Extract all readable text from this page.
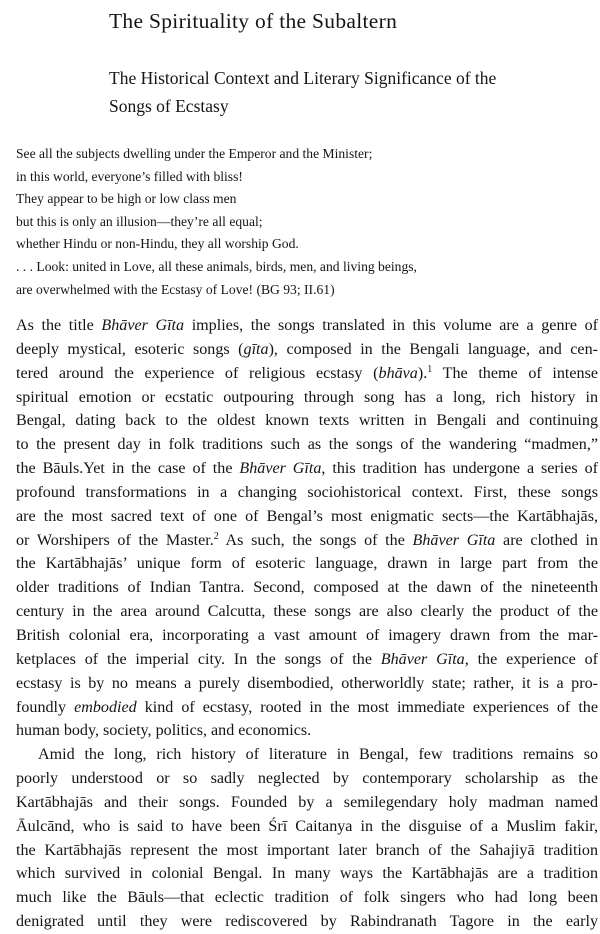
The Spirituality of the Subaltern
The Historical Context and Literary Significance of the
Songs of Ecstasy
See all the subjects dwelling under the Emperor and the Minister;
in this world, everyone’s filled with bliss!
They appear to be high or low class men
but this is only an illusion—they’re all equal;
whether Hindu or non-Hindu, they all worship God.
. . . Look: united in Love, all these animals, birds, men, and living beings,
are overwhelmed with the Ecstasy of Love! (BG 93; II.61)
As the title Bhāver Gīta implies, the songs translated in this volume are a genre of
deeply mystical, esoteric songs (gīta), composed in the Bengali language, and cen-
tered around the experience of religious ecstasy (bhāva).$^1$ The theme of intense
spiritual emotion or ecstatic outpouring through song has a long, rich history in
Bengal, dating back to the oldest known texts written in Bengali and continuing
to the present day in folk traditions such as the songs of the wandering “madmen,”
the Bāuls.Yet in the case of the Bhāver Gīta, this tradition has undergone a series of
profound transformations in a changing sociohistorical context. First, these songs
are the most sacred text of one of Bengal’s most enigmatic sects—the Kartābhajās,
or Worshipers of the Master.$^2$ As such, the songs of the Bhāver Gīta are clothed in
the Kartābhajās’ unique form of esoteric language, drawn in large part from the
older traditions of Indian Tantra. Second, composed at the dawn of the nineteenth
century in the area around Calcutta, these songs are also clearly the product of the
British colonial era, incorporating a vast amount of imagery drawn from the mar-
ketplaces of the imperial city. In the songs of the Bhāver Gīta, the experience of
ecstasy is by no means a purely disembodied, otherworldly state; rather, it is a pro-
foundly embodied kind of ecstasy, rooted in the most immediate experiences of the
human body, society, politics, and economics.
Amid the long, rich history of literature in Bengal, few traditions remains so
poorly understood or so sadly neglected by contemporary scholarship as the
Kartābhajās and their songs. Founded by a semilegendary holy madman named
Āulcānd, who is said to have been Śrī Caitanya in the disguise of a Muslim fakir,
the Kartābhajās represent the most important later branch of the Sahajiyā tradition
which survived in colonial Bengal. In many ways the Kartābhajās are a tradition
much like the Bāuls—that eclectic tradition of folk singers who had long been
denigrated until they were rediscovered by Rabindranath Tagore in the early
